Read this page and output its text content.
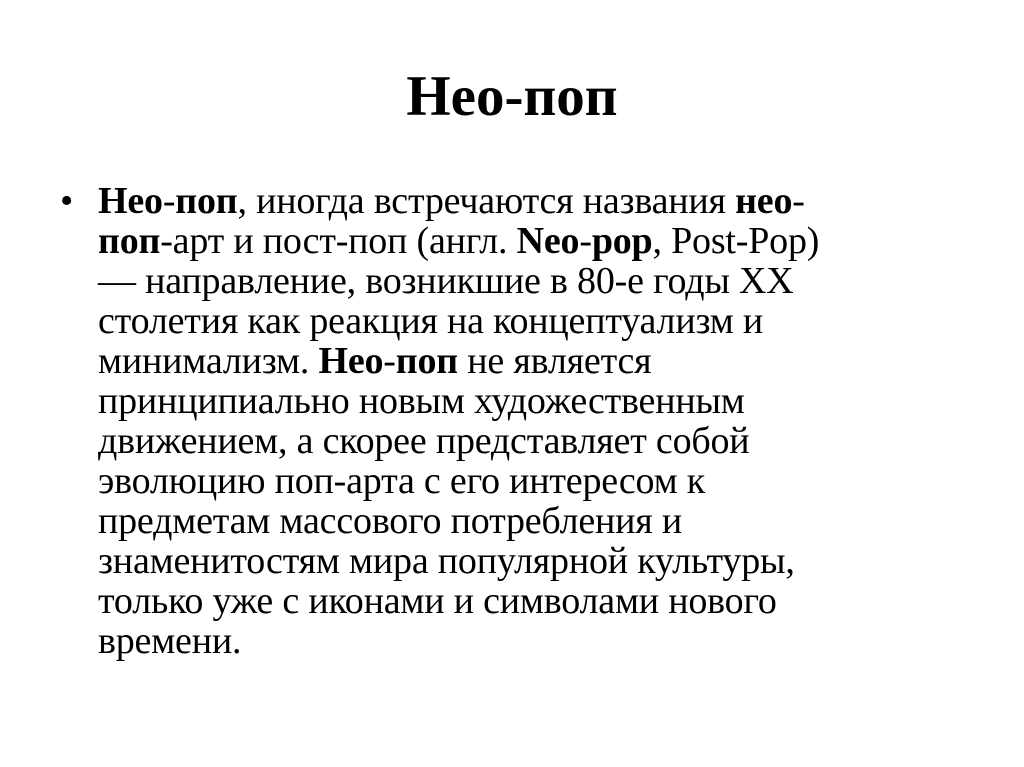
Нео-поп
• Нео-поп, иногда встречаются названия нео-
поп-арт и пост-поп (англ. Neo-pop, Post-Pop)
— направление, возникшие в 80-е годы XX
столетия как реакция на концептуализм и
минимализм. Нео-поп не является
принципиально новым художественным
движением, а скорее представляет собой
эволюцию поп-арта с его интересом к
предметам массового потребления и
знаменитостям мира популярной культуры,
только уже с иконами и символами нового
времени.
